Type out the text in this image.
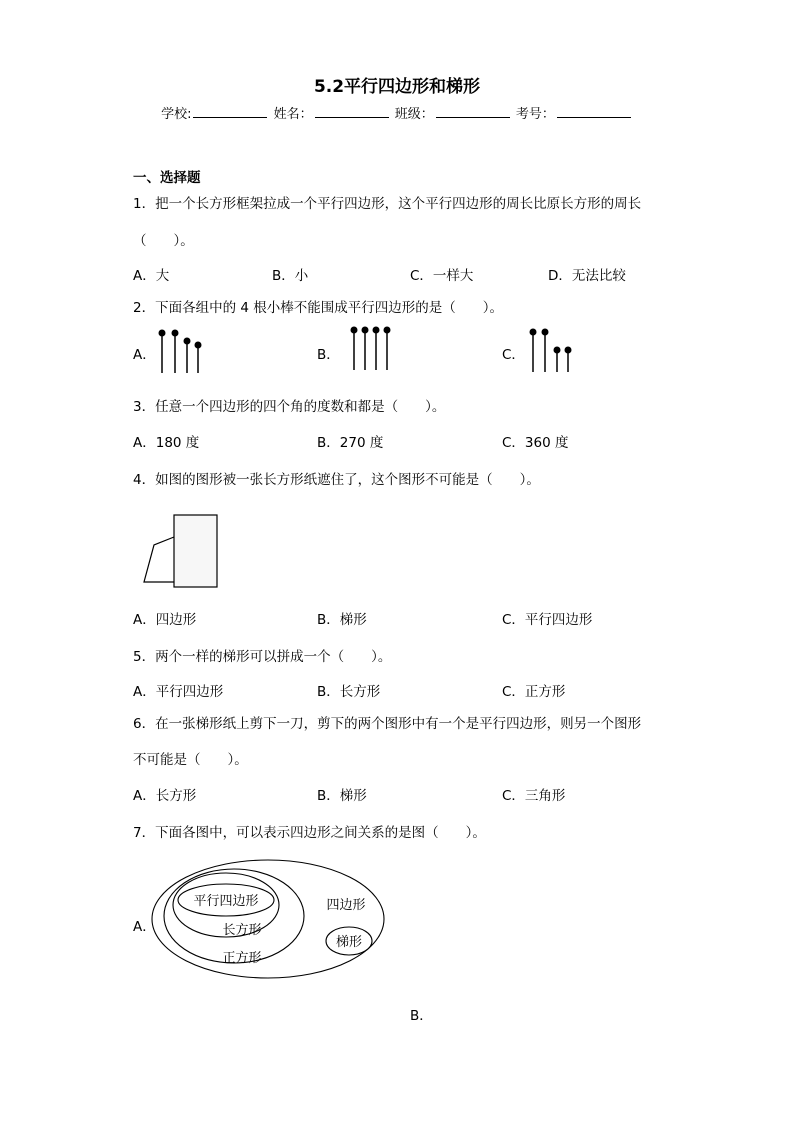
5.2平行四边形和梯形
学校:	姓名：	班级：	考号：
一、选择题
1．把一个长方形框架拉成一个平行四边形，这个平行四边形的周长比原长方形的周长
（　　）。
A．大	B．小	C．一样大	D．无法比较
2．下面各组中的 4 根小棒不能围成平行四边形的是（　　）。
A．	B．	C．
3．任意一个四边形的四个角的度数和都是（　　）。
A．180 度	B．270 度	C．360 度
4．如图的图形被一张长方形纸遮住了，这个图形不可能是（　　）。
A．四边形	B．梯形	C．平行四边形
5．两个一样的梯形可以拼成一个（　　）。
A．平行四边形	B．长方形	C．正方形
6．在一张梯形纸上剪下一刀，剪下的两个图形中有一个是平行四边形，则另一个图形
不可能是（　　）。
A．长方形	B．梯形	C．三角形
7．下面各图中，可以表示四边形之间关系的是图（　　）。
A．
平行四边形
长方形
正方形
四边形
梯形
B．
